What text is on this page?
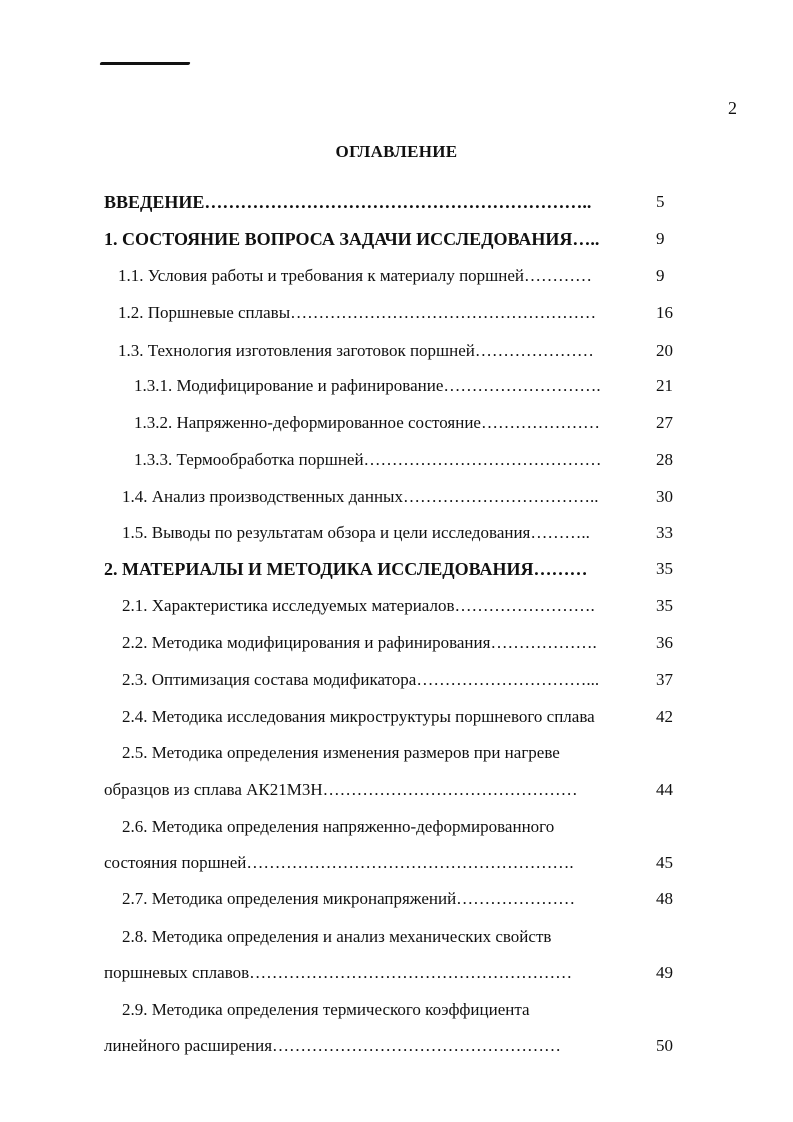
2
ОГЛАВЛЕНИЕ
ВВЕДЕНИЕ………………………………………………………..	5
1. СОСТОЯНИЕ ВОПРОСА ЗАДАЧИ ИССЛЕДОВАНИЯ…..	9
1.1. Условия работы и требования к материалу поршней…………	9
1.2. Поршневые сплавы………………………………………………	16
1.3. Технология изготовления заготовок поршней…………………	20
1.3.1. Модифицирование и рафинирование……………………….	21
1.3.2. Напряженно-деформированное состояние…………………	27
1.3.3. Термообработка поршней……………………………………	28
1.4. Анализ производственных данных……………………………..	30
1.5. Выводы по результатам обзора и цели исследования………..	33
2. МАТЕРИАЛЫ И МЕТОДИКА ИССЛЕДОВАНИЯ………	35
2.1. Характеристика исследуемых материалов…………………….	35
2.2. Методика модифицирования и рафинирования……………….	36
2.3. Оптимизация состава модификатора…………………………...	37
2.4. Методика исследования микроструктуры поршневого сплава	42
2.5. Методика определения изменения размеров при нагреве
образцов из сплава АК21М3Н………………………………………	44
2.6. Методика определения напряженно-деформированного
состояния поршней………………………………………………….	45
2.7. Методика определения микронапряжений…………………	48
2.8. Методика определения и анализ механических свойств
поршневых сплавов…………………………………………………	49
2.9. Методика определения термического коэффициента
линейного расширения……………………………………………	50
